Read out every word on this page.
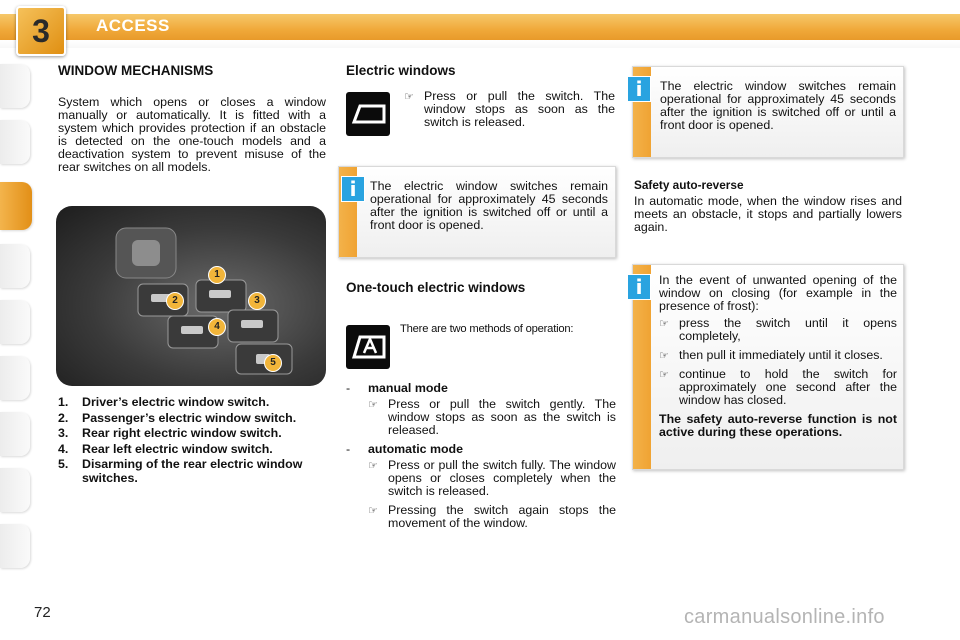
3	ACCESS
WINDOW MECHANISMS
System which opens or closes a window manually or automatically. It is fitted with a system which provides protection if an obstacle is detected on the one-touch models and a deactivation system to prevent misuse of the rear switches on all models.
1
2	3
4
5
1.	Driver’s electric window switch.
2.	Passenger’s electric window switch.
3.	Rear right electric window switch.
4.	Rear left electric window switch.
5.	Disarming of the rear electric window switches.
Electric windows
☞ Press or pull the switch. The window stops as soon as the switch is released.
i	The electric window switches remain operational for approximately 45 seconds after the ignition is switched off or until a front door is opened.
One-touch electric windows
There are two methods of operation:
-	manual mode
☞ Press or pull the switch gently. The window stops as soon as the switch is released.
-	automatic mode
☞ Press or pull the switch fully. The window opens or closes completely when the switch is released.
☞ Pressing the switch again stops the movement of the window.
i	The electric window switches remain operational for approximately 45 seconds after the ignition is switched off or until a front door is opened.
Safety auto-reverse
In automatic mode, when the window rises and meets an obstacle, it stops and partially lowers again.
i	In the event of unwanted opening of the window on closing (for example in the presence of frost):
☞ press the switch until it opens completely,
☞ then pull it immediately until it closes.
☞ continue to hold the switch for approximately one second after the window has closed.
The safety auto-reverse function is not active during these operations.
72	carmanualsonline.info
